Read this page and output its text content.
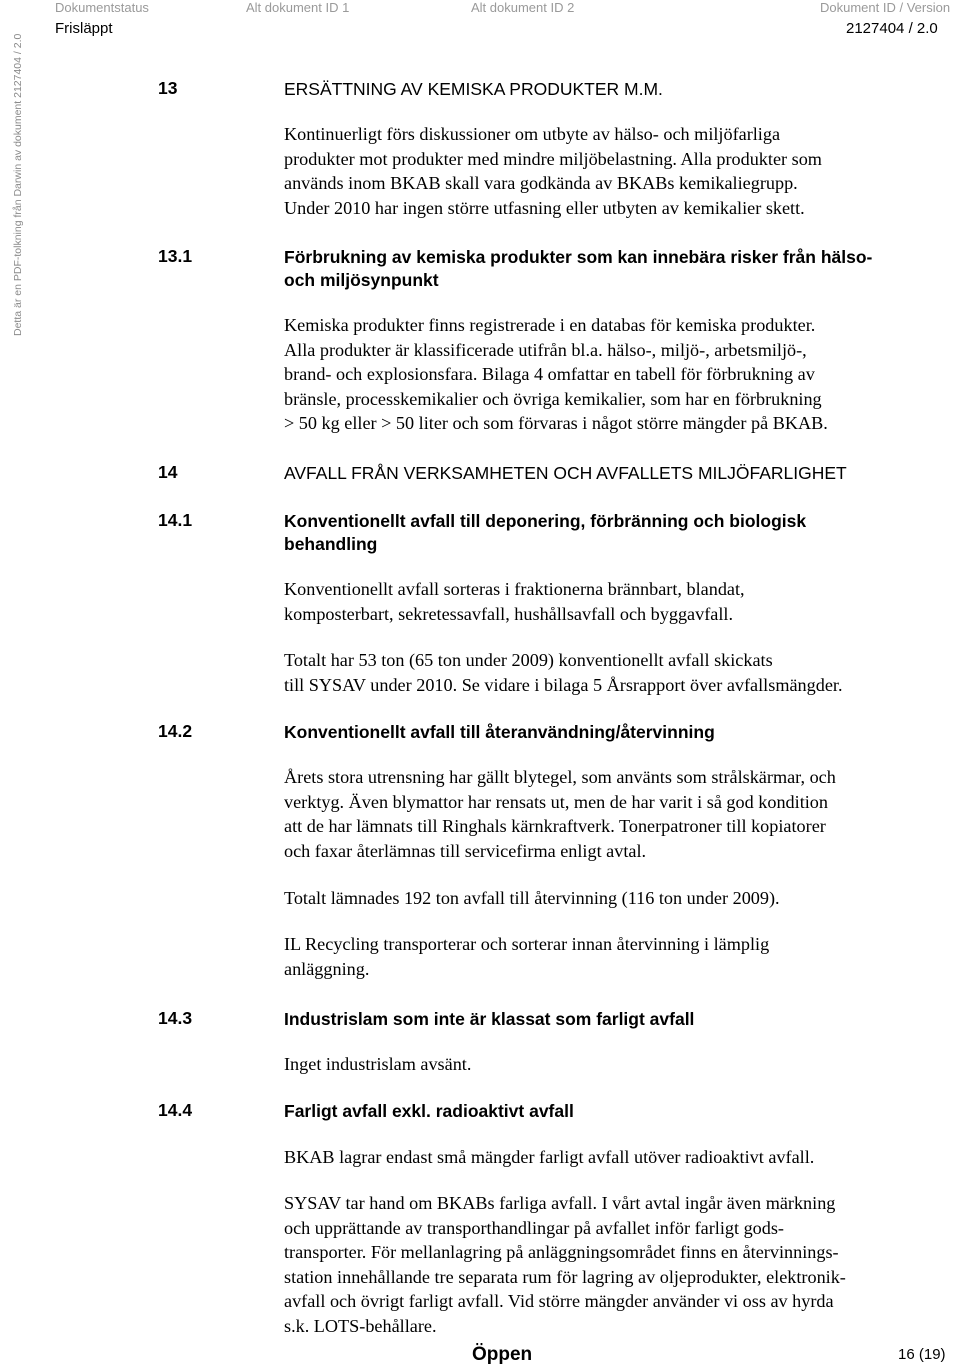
Dokumentstatus	Alt dokument ID 1	Alt dokument ID 2	Dokument ID / Version
Frisläppt	2127404 / 2.0
Detta är en PDF-tolkning från Darwin av dokument 2127404 / 2.0	13	ERSÄTTNING AV KEMISKA PRODUKTER M.M.
Kontinuerligt förs diskussioner om utbyte av hälso- och miljöfarliga
produkter mot produkter med mindre miljöbelastning. Alla produkter som
används inom BKAB skall vara godkända av BKABs kemikaliegrupp.
Under 2010 har ingen större utfasning eller utbyten av kemikalier skett.
13.1	Förbrukning av kemiska produkter som kan innebära risker från hälso-
och miljösynpunkt
Kemiska produkter finns registrerade i en databas för kemiska produkter.
Alla produkter är klassificerade utifrån bl.a. hälso-, miljö-, arbetsmiljö-,
brand- och explosionsfara. Bilaga 4 omfattar en tabell för förbrukning av
bränsle, processkemikalier och övriga kemikalier, som har en förbrukning
> 50 kg eller > 50 liter och som förvaras i något större mängder på BKAB.
14	AVFALL FRÅN VERKSAMHETEN OCH AVFALLETS MILJÖFARLIGHET
14.1	Konventionellt avfall till deponering, förbränning och biologisk
behandling
Konventionellt avfall sorteras i fraktionerna brännbart, blandat,
komposterbart, sekretessavfall, hushållsavfall och byggavfall.
Totalt har 53 ton (65 ton under 2009) konventionellt avfall skickats
till SYSAV under 2010. Se vidare i bilaga 5 Årsrapport över avfallsmängder.
14.2	Konventionellt avfall till återanvändning/återvinning
Årets stora utrensning har gällt blytegel, som använts som strålskärmar, och
verktyg. Även blymattor har rensats ut, men de har varit i så god kondition
att de har lämnats till Ringhals kärnkraftverk. Tonerpatroner till kopiatorer
och faxar återlämnas till servicefirma enligt avtal.
Totalt lämnades 192 ton avfall till återvinning (116 ton under 2009).
IL Recycling transporterar och sorterar innan återvinning i lämplig
anläggning.
14.3	Industrislam som inte är klassat som farligt avfall
Inget industrislam avsänt.
14.4	Farligt avfall exkl. radioaktivt avfall
BKAB lagrar endast små mängder farligt avfall utöver radioaktivt avfall.
SYSAV tar hand om BKABs farliga avfall. I vårt avtal ingår även märkning
och upprättande av transporthandlingar på avfallet inför farligt gods-
transporter. För mellanlagring på anläggningsområdet finns en återvinnings-
station innehållande tre separata rum för lagring av oljeprodukter, elektronik-
avfall och övrigt farligt avfall. Vid större mängder använder vi oss av hyrda
s.k. LOTS-behållare.
Öppen	16 (19)
